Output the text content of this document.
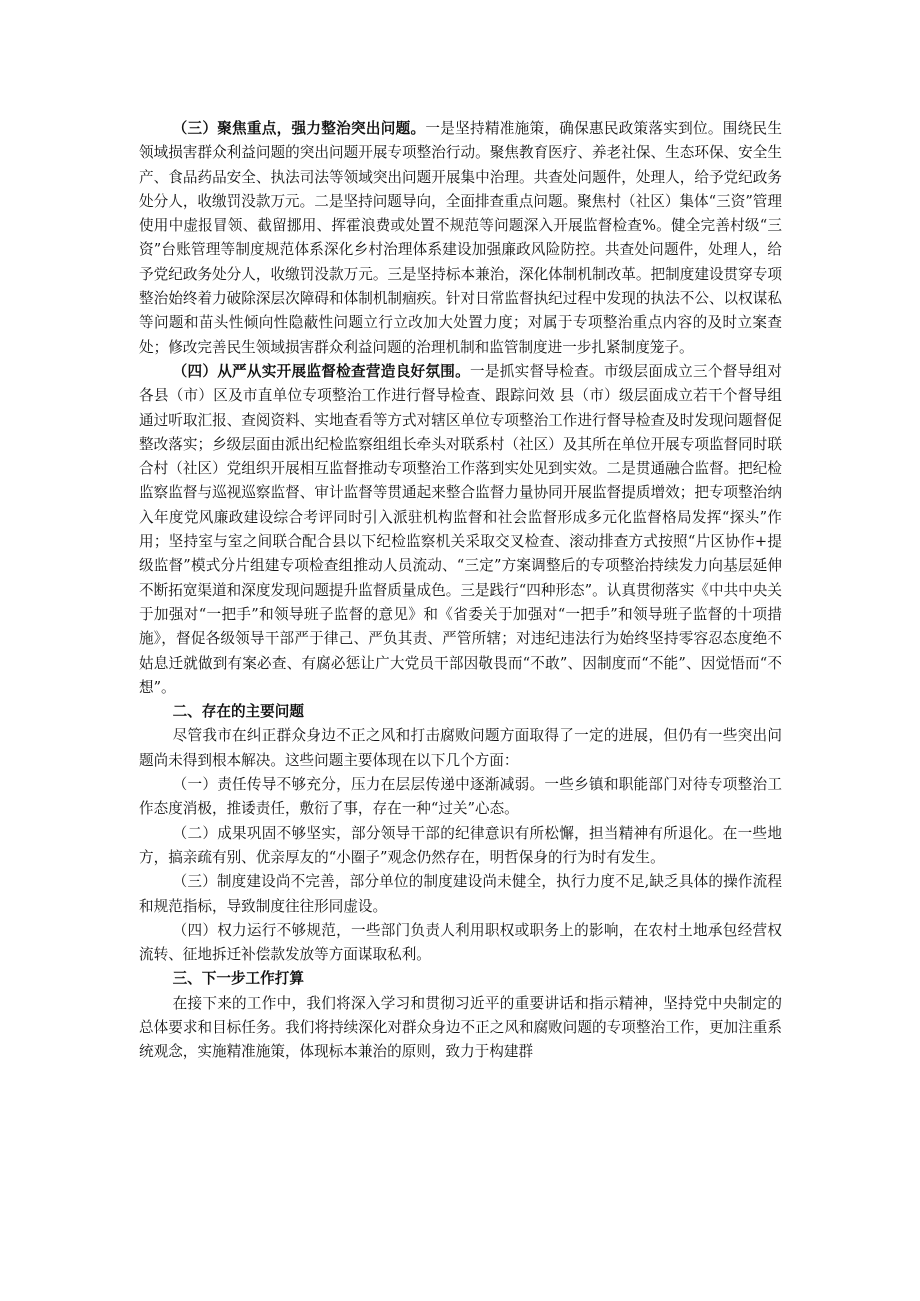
（三）聚焦重点，强力整治突出问题。一是坚持精准施策，确保惠民政策落实到位。围绕民生领域损害群众利益问题的突出问题开展专项整治行动。聚焦教育医疗、养老社保、生态环保、安全生产、食品药品安全、执法司法等领域突出问题开展集中治理。共查处问题件，处理人，给予党纪政务处分人，收缴罚没款万元。二是坚持问题导向，全面排查重点问题。聚焦村（社区）集体“三资”管理使用中虚报冒领、截留挪用、挥霍浪费或处置不规范等问题深入开展监督检查%。健全完善村级“三资”台账管理等制度规范体系深化乡村治理体系建设加强廉政风险防控。共查处问题件，处理人，给予党纪政务处分人，收缴罚没款万元。三是坚持标本兼治，深化体制机制改革。把制度建设贯穿专项整治始终着力破除深层次障碍和体制机制痼疾。针对日常监督执纪过程中发现的执法不公、以权谋私等问题和苗头性倾向性隐蔽性问题立行立改加大处置力度；对属于专项整治重点内容的及时立案查处；修改完善民生领域损害群众利益问题的治理机制和监管制度进一步扎紧制度笼子。

（四）从严从实开展监督检查营造良好氛围。一是抓实督导检查。市级层面成立三个督导组对各县（市）区及市直单位专项整治工作进行督导检查、跟踪问效 县（市）级层面成立若干个督导组通过听取汇报、查阅资料、实地查看等方式对辖区单位专项整治工作进行督导检查及时发现问题督促整改落实；乡级层面由派出纪检监察组组长牵头对联系村（社区）及其所在单位开展专项监督同时联合村（社区）党组织开展相互监督推动专项整治工作落到实处见到实效。二是贯通融合监督。把纪检监察监督与巡视巡察监督、审计监督等贯通起来整合监督力量协同开展监督提质增效；把专项整治纳入年度党风廉政建设综合考评同时引入派驻机构监督和社会监督形成多元化监督格局发挥“探头”作用；坚持室与室之间联合配合县以下纪检监察机关采取交叉检查、滚动排查方式按照“片区协作+提级监督”模式分片组建专项检查组推动人员流动、“三定”方案调整后的专项整治持续发力向基层延伸不断拓宽渠道和深度发现问题提升监督质量成色。三是践行“四种形态”。认真贯彻落实《中共中央关于加强对“一把手”和领导班子监督的意见》和《省委关于加强对“一把手”和领导班子监督的十项措施》，督促各级领导干部严于律己、严负其责、严管所辖；对违纪违法行为始终坚持零容忍态度绝不姑息迁就做到有案必查、有腐必惩让广大党员干部因敬畏而“不敢”、因制度而“不能”、因觉悟而“不想”。

二、存在的主要问题

尽管我市在纠正群众身边不正之风和打击腐败问题方面取得了一定的进展，但仍有一些突出问题尚未得到根本解决。这些问题主要体现在以下几个方面：

（一）责任传导不够充分，压力在层层传递中逐渐减弱。一些乡镇和职能部门对待专项整治工作态度消极，推诿责任，敷衍了事，存在一种“过关”心态。

（二）成果巩固不够坚实，部分领导干部的纪律意识有所松懈，担当精神有所退化。在一些地方，搞亲疏有别、优亲厚友的“小圈子”观念仍然存在，明哲保身的行为时有发生。

（三）制度建设尚不完善，部分单位的制度建设尚未健全，执行力度不足,缺乏具体的操作流程和规范指标，导致制度往往形同虚设。

（四）权力运行不够规范，一些部门负责人利用职权或职务上的影响，在农村土地承包经营权流转、征地拆迁补偿款发放等方面谋取私利。

三、下一步工作打算

在接下来的工作中，我们将深入学习和贯彻习近平的重要讲话和指示精神，坚持党中央制定的总体要求和目标任务。我们将持续深化对群众身边不正之风和腐败问题的专项整治工作，更加注重系统观念，实施精准施策，体现标本兼治的原则，致力于构建群
